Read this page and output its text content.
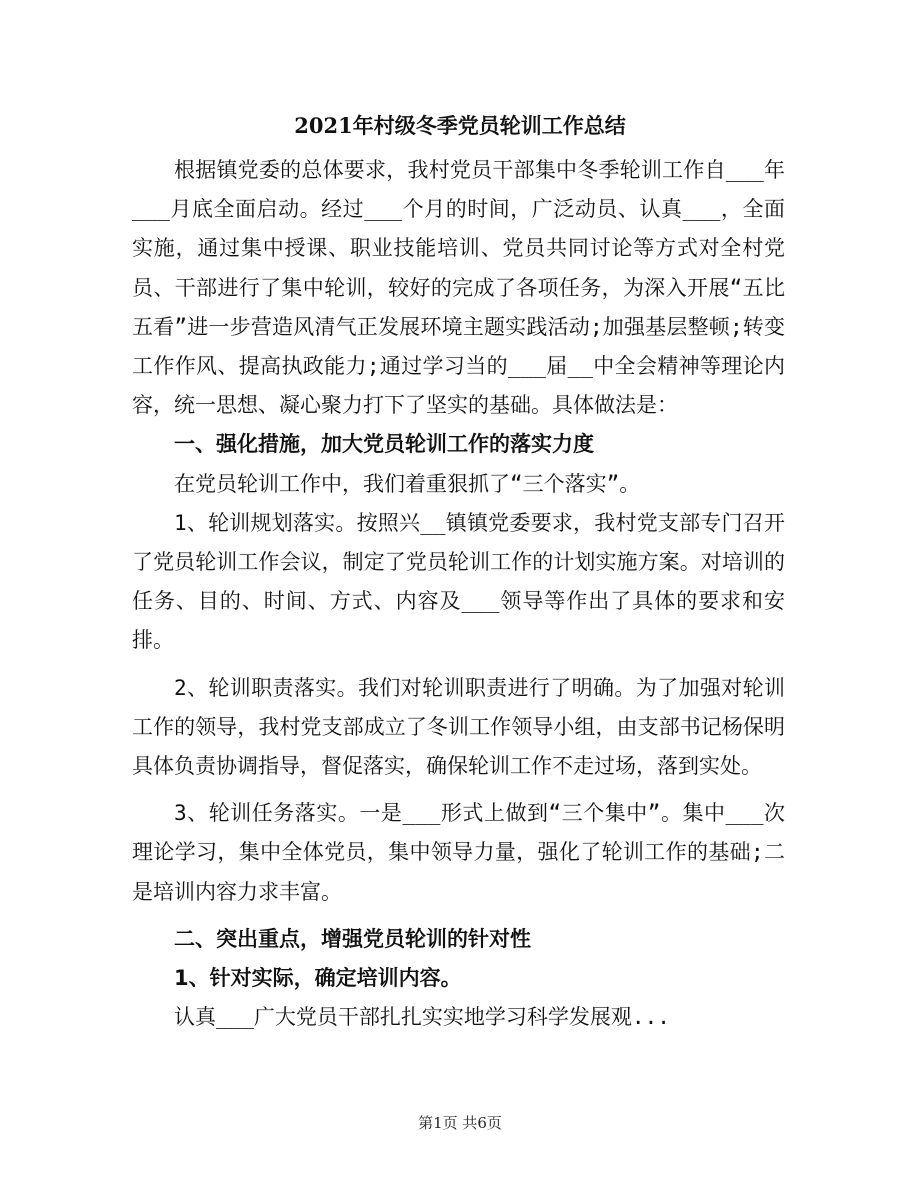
2021年村级冬季党员轮训工作总结

根据镇党委的总体要求，我村党员干部集中冬季轮训工作自___年___月底全面启动。经过___个月的时间，广泛动员、认真___，全面实施，通过集中授课、职业技能培训、党员共同讨论等方式对全村党员、干部进行了集中轮训，较好的完成了各项任务，为深入开展“五比五看”进一步营造风清气正发展环境主题实践活动;加强基层整顿;转变工作作风、提高执政能力;通过学习当的___届__中全会精神等理论内容，统一思想、凝心聚力打下了坚实的基础。具体做法是：

一、强化措施，加大党员轮训工作的落实力度

在党员轮训工作中，我们着重狠抓了“三个落实”。

1、轮训规划落实。按照兴__镇镇党委要求，我村党支部专门召开了党员轮训工作会议，制定了党员轮训工作的计划实施方案。对培训的任务、目的、时间、方式、内容及___领导等作出了具体的要求和安排。

2、轮训职责落实。我们对轮训职责进行了明确。为了加强对轮训工作的领导，我村党支部成立了冬训工作领导小组，由支部书记杨保明具体负责协调指导，督促落实，确保轮训工作不走过场，落到实处。

3、轮训任务落实。一是___形式上做到“三个集中”。集中___次理论学习，集中全体党员，集中领导力量，强化了轮训工作的基础;二是培训内容力求丰富。

二、突出重点，增强党员轮训的针对性

1、针对实际，确定培训内容。

认真___广大党员干部扎扎实实地学习科学发展观...

第1页 共6页
